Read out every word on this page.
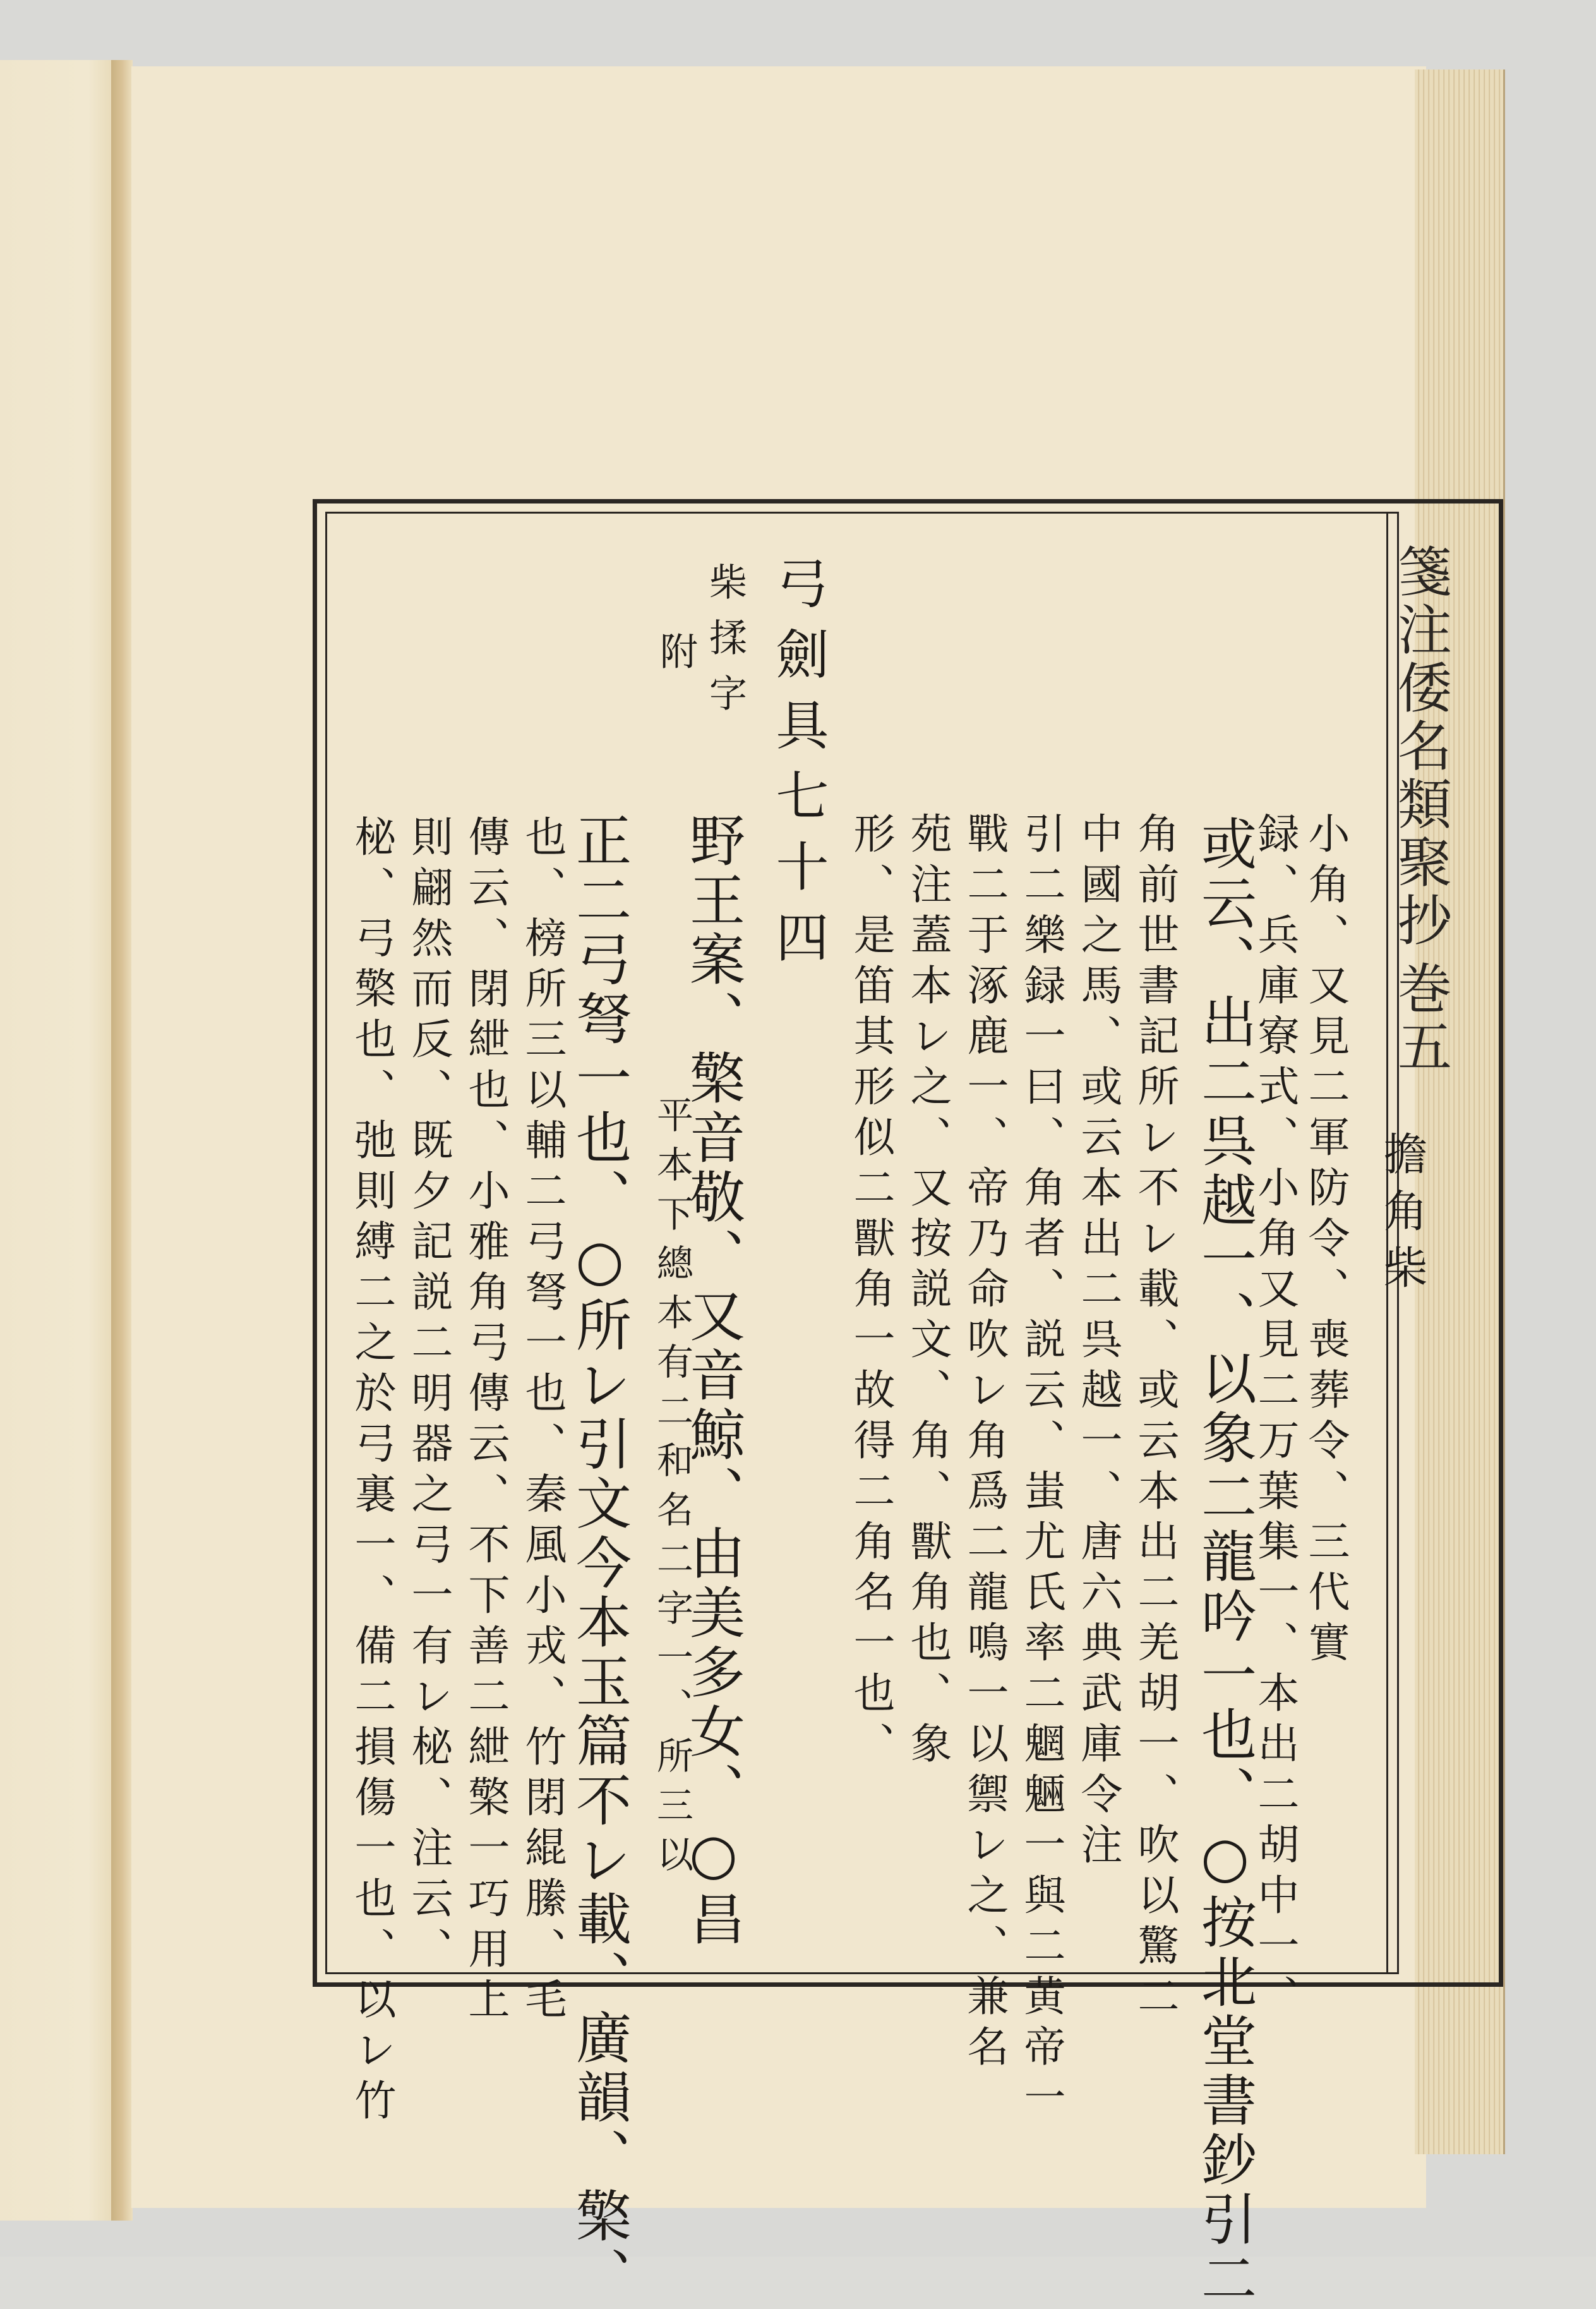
箋注倭名類聚抄
巻五
擔角柴
弓劍具七十四
柴揉字
小角、又見二軍防令、喪葬令、三代實
録、兵庫寮式、小角又見二万葉集一、本出二胡中一、
或云、出二呉越一、以象二龍吟一也、○按北堂書鈔引二
角前世書記所レ不レ載、或云本出二羌胡一、吹以驚二
中國之馬、或云本出二呉越一、唐六典武庫令注
引二樂録一曰、角者、説云、蚩尤氏率二魍魎一與二黄帝一
戰二于涿鹿一、帝乃命吹レ角爲二龍鳴一以禦レ之、兼名
苑注蓋本レ之、又按説文、角、獸角也、象
形、是笛其形似二獸角一故得二角名一也、
野王案、檠音敬、又音鯨、由美多女、○昌
平本下總本有二和名二字一、所三以
正二弓弩一也、○所レ引文今本玉篇不レ載、廣韻、檠、
也、榜所三以輔二弓弩一也、秦風小戎、竹閉緄縢、毛
傳云、閉紲也、小雅角弓傳云、不下善二紲檠一巧用上
則翩然而反、既夕記説二明器之弓一有レ柲、注云、
柲、弓檠也、弛則縛二之於弓裏一、備二損傷一也、以レ竹
附
